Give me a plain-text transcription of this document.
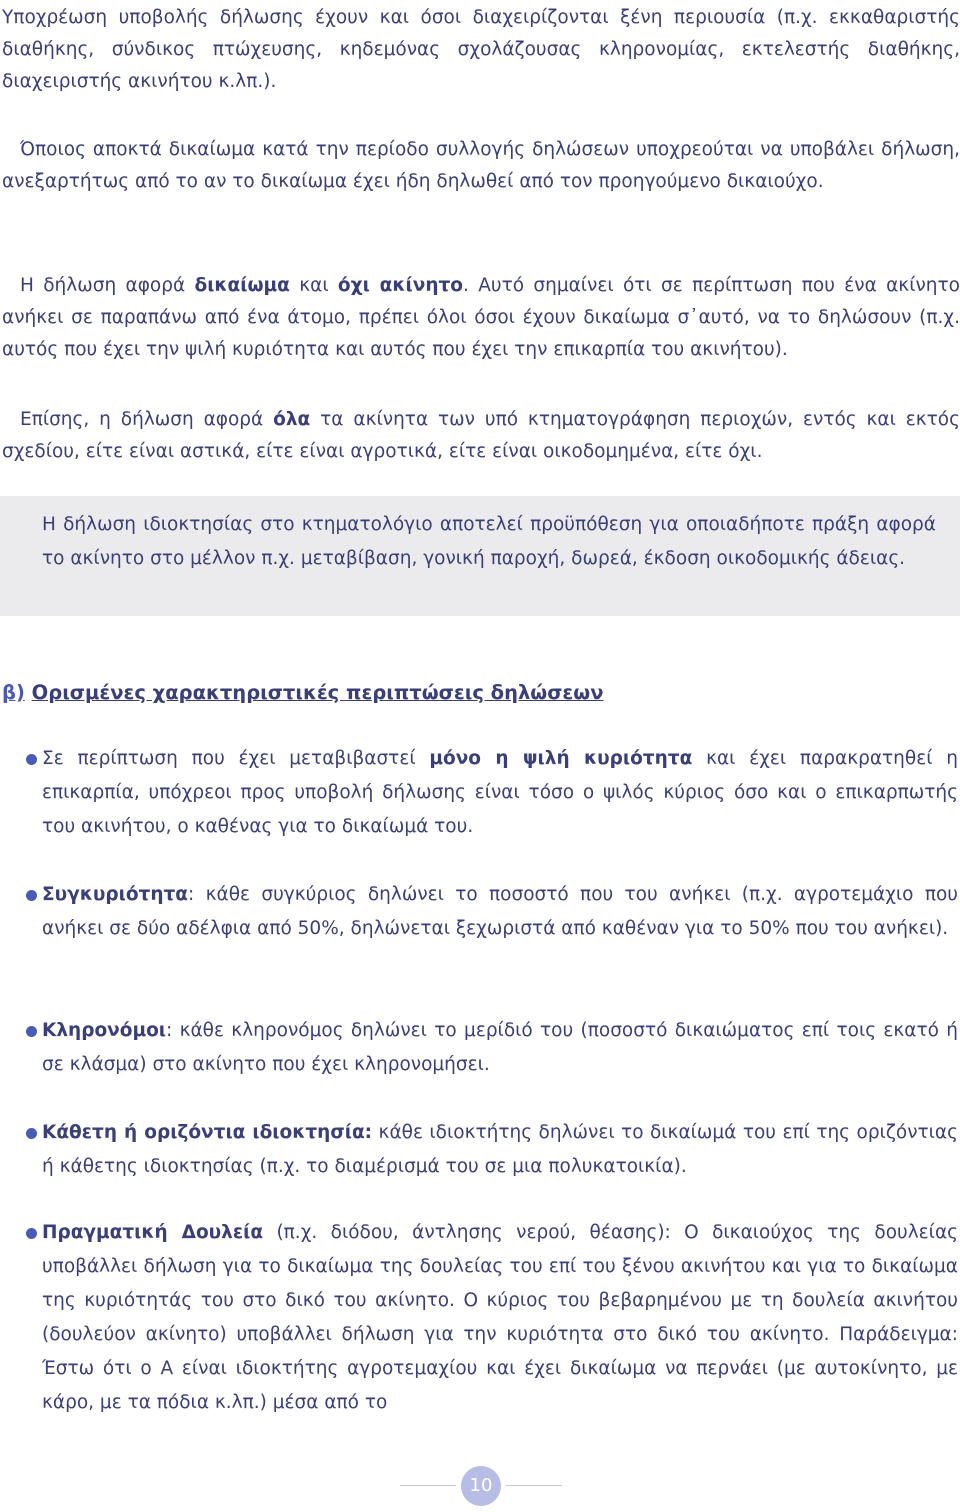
Υποχρέωση υποβολής δήλωσης έχουν και όσοι διαχειρίζονται ξένη περιουσία (π.χ. εκκαθαριστής διαθήκης, σύνδικος πτώχευσης, κηδεμόνας σχολάζουσας κληρονομίας, εκτελεστής διαθήκης, διαχειριστής ακινήτου κ.λπ.).

Όποιος αποκτά δικαίωμα κατά την περίοδο συλλογής δηλώσεων υποχρεούται να υποβάλει δήλωση, ανεξαρτήτως από το αν το δικαίωμα έχει ήδη δηλωθεί από τον προηγούμενο δικαιούχο.

Η δήλωση αφορά δικαίωμα και όχι ακίνητο. Αυτό σημαίνει ότι σε περίπτωση που ένα ακίνητο ανήκει σε παραπάνω από ένα άτομο, πρέπει όλοι όσοι έχουν δικαίωμα σ᾽αυτό, να το δηλώσουν (π.χ. αυτός που έχει την ψιλή κυριότητα και αυτός που έχει την επικαρπία του ακινήτου).

Επίσης, η δήλωση αφορά όλα τα ακίνητα των υπό κτηματογράφηση περιοχών, εντός και εκτός σχεδίου, είτε είναι αστικά, είτε είναι αγροτικά, είτε είναι οικοδομημένα, είτε όχι.

Η δήλωση ιδιοκτησίας στο κτηματολόγιο αποτελεί προϋπόθεση για οποιαδήποτε πράξη αφορά το ακίνητο στο μέλλον π.χ. μεταβίβαση, γονική παροχή, δωρεά, έκδοση οικοδομικής άδειας.

β) Ορισμένες χαρακτηριστικές περιπτώσεις δηλώσεων

Σε περίπτωση που έχει μεταβιβαστεί μόνο η ψιλή κυριότητα και έχει παρακρατηθεί η επικαρπία, υπόχρεοι προς υποβολή δήλωσης είναι τόσο ο ψιλός κύριος όσο και ο επικαρπωτής του ακινήτου, ο καθένας για το δικαίωμά του.

Συγκυριότητα: κάθε συγκύριος δηλώνει το ποσοστό που του ανήκει (π.χ. αγροτεμάχιο που ανήκει σε δύο αδέλφια από 50%, δηλώνεται ξεχωριστά από καθέναν για το 50% που του ανήκει).

Κληρονόμοι: κάθε κληρονόμος δηλώνει το μερίδιό του (ποσοστό δικαιώματος επί τοις εκατό ή σε κλάσμα) στο ακίνητο που έχει κληρονομήσει.

Κάθετη ή οριζόντια ιδιοκτησία: κάθε ιδιοκτήτης δηλώνει το δικαίωμά του επί της οριζόντιας ή κάθετης ιδιοκτησίας (π.χ. το διαμέρισμά του σε μια πολυκατοικία).

Πραγματική Δουλεία (π.χ. διόδου, άντλησης νερού, θέασης): Ο δικαιούχος της δουλείας υποβάλλει δήλωση για το δικαίωμα της δουλείας του επί του ξένου ακινήτου και για το δικαίωμα της κυριότητάς του στο δικό του ακίνητο. Ο κύριος του βεβαρημένου με τη δουλεία ακινήτου (δουλεύον ακίνητο) υποβάλλει δήλωση για την κυριότητα στο δικό του ακίνητο. Παράδειγμα: Έστω ότι ο Α είναι ιδιοκτήτης αγροτεμαχίου και έχει δικαίωμα να περνάει (με αυτοκίνητο, με κάρο, με τα πόδια κ.λπ.) μέσα από το

10
